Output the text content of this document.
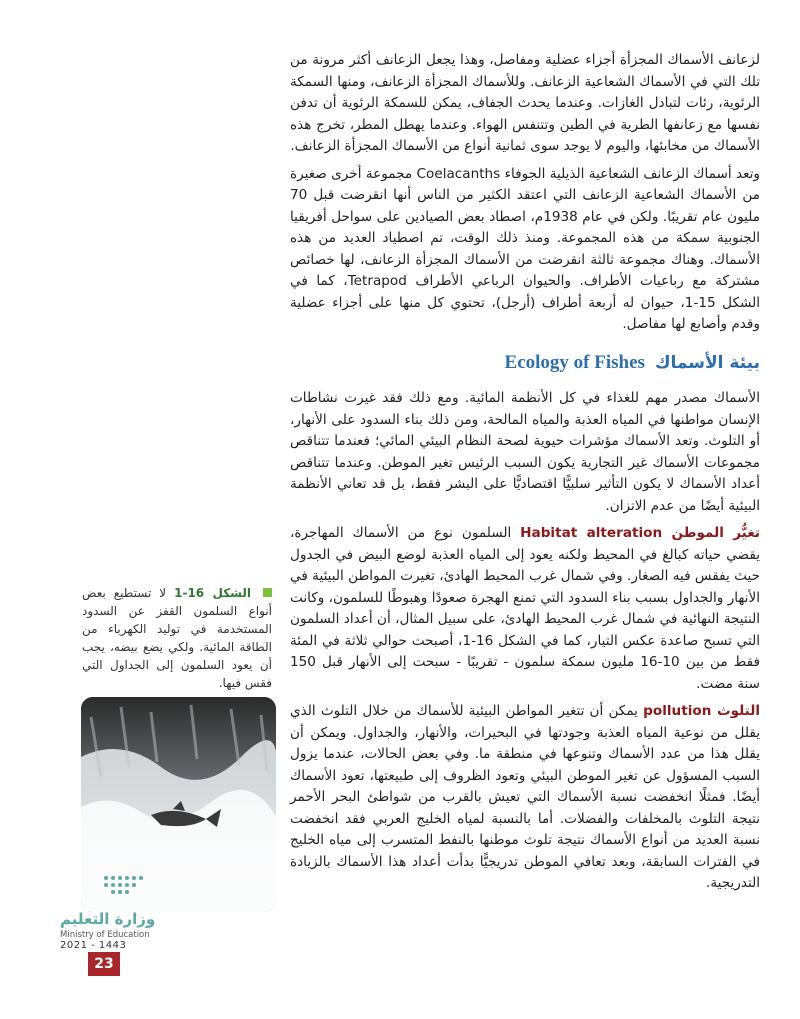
لزعانف الأسماك المجزأة أجزاء عضلية ومفاصل، وهذا يجعل الزعانف أكثر مرونة من تلك التي في الأسماك الشعاعية الزعانف. وللأسماك المجزأة الزعانف، ومنها السمكة الرئوية، رئات لتبادل الغازات. وعندما يحدث الجفاف، يمكن للسمكة الرئوية أن تدفن نفسها مع زعانفها الطرية في الطين وتتنفس الهواء. وعندما يهطل المطر، تخرج هذه الأسماك من مخابئها، واليوم لا يوجد سوى ثمانية أنواع من الأسماك المجزأة الزعانف.

وتعد أسماك الزعانف الشعاعية الذيلية الجوفاء Coelacanths مجموعة أخرى صغيرة من الأسماك الشعاعية الزعانف التي اعتقد الكثير من الناس أنها انقرضت قبل 70 مليون عام تقريبًا. ولكن في عام 1938م، اصطاد بعض الصيادين على سواحل أفريقيا الجنوبية سمكة من هذه المجموعة. ومنذ ذلك الوقت، تم اصطياد العديد من هذه الأسماك. وهناك مجموعة ثالثة انقرضت من الأسماك المجزأة الزعانف، لها خصائص مشتركة مع رباعيات الأطراف. والحيوان الرباعي الأطراف Tetrapod، كما في الشكل 15-1، حيوان له أربعة أطراف (أرجل)، تحتوي كل منها على أجزاء عضلية وقدم وأصابع لها مفاصل.

بيئة الأسماك
Ecology of Fishes

الأسماك مصدر مهم للغذاء في كل الأنظمة المائية. ومع ذلك فقد غيرت نشاطات الإنسان مواطنها في المياه العذبة والمياه المالحة، ومن ذلك بناء السدود على الأنهار، أو التلوث. وتعد الأسماك مؤشرات حيوية لصحة النظام البيئي المائي؛ فعندما تتناقص مجموعات الأسماك غير التجارية يكون السبب الرئيس تغير الموطن. وعندما تتناقص أعداد الأسماك لا يكون التأثير سلبيًّا اقتصاديًّا على البشر فقط، بل قد تعاني الأنظمة البيئية أيضًا من عدم الاتزان.

تغيُّر الموطن Habitat alteration السلمون نوع من الأسماك المهاجرة، يقضي حياته كبالغ في المحيط ولكنه يعود إلى المياه العذبة لوضع البيض في الجدول حيث يفقس فيه الصغار. وفي شمال غرب المحيط الهادئ، تغيرت المواطن البيئية في الأنهار والجداول بسبب بناء السدود التي تمنع الهجرة صعودًا وهبوطًا للسلمون، وكانت النتيجة النهائية في شمال غرب المحيط الهادئ، على سبيل المثال، أن أعداد السلمون التي تسبح صاعدة عكس التيار، كما في الشكل 16-1، أصبحت حوالي ثلاثة في المئة فقط من بين 10-16 مليون سمكة سلمون - تقريبًا - سبحت إلى الأنهار قبل 150 سنة مضت.

التلوث pollution يمكن أن تتغير المواطن البيئية للأسماك من خلال التلوث الذي يقلل من نوعية المياه العذبة وجودتها في البحيرات، والأنهار، والجداول. ويمكن أن يقلل هذا من عدد الأسماك وتنوعها في منطقة ما. وفي بعض الحالات، عندما يزول السبب المسؤول عن تغير الموطن البيئي وتعود الظروف إلى طبيعتها، تعود الأسماك أيضًا. فمثلًا انخفضت نسبة الأسماك التي تعيش بالقرب من شواطئ البحر الأحمر نتيجة التلوث بالمخلفات والفضلات. أما بالنسبة لمياه الخليج العربي فقد انخفضت نسبة العديد من أنواع الأسماك نتيجة تلوث موطنها بالنفط المتسرب إلى مياه الخليج في الفترات السابقة، وبعد تعافي الموطن تدريجيًّا بدأت أعداد هذا الأسماك بالزيادة التدريجية.

الشكل 16-1 لا تستطيع بعض أنواع السلمون القفز عن السدود المستخدمة في توليد الكهرباء من الطاقة المائية. ولكي يضع بيضه، يجب أن يعود السلمون إلى الجداول التي فقس فيها.
وزارة التعليم
Ministry of Education
2021 - 1443
23
